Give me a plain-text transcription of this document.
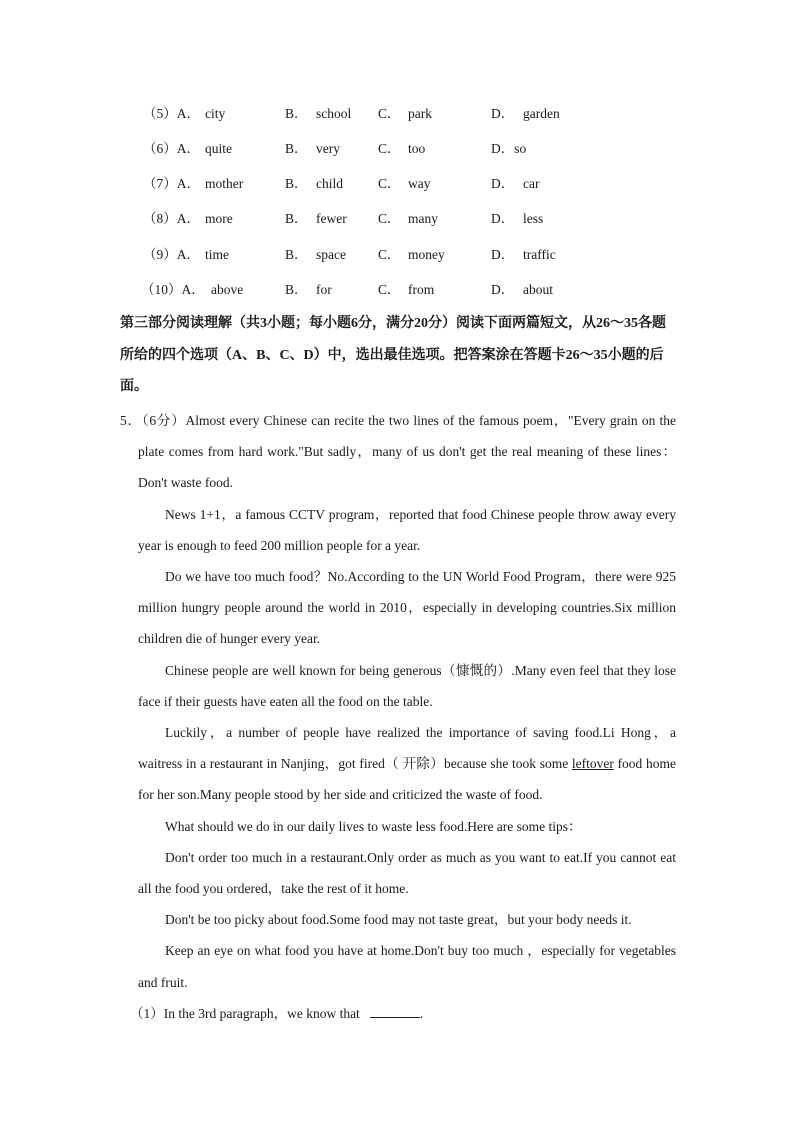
（5）A． city	B． school C． park	D． garden
（6）A． quite	B． very	C． too	D．so
（7）A． mother	B． child	C． way	D． car
（8）A． more	B． fewer C． many	D． less
（9）A． time	B． space C． money	D． traffic
（10）A． above	B． for	C． from	D． about
第三部分阅读理解（共3小题；每小题6分，满分20分）阅读下面两篇短文，从26～35各题所给的四个选项（A、B、C、D）中，选出最佳选项。把答案涂在答题卡26～35小题的后面。

5．（6分）Almost every Chinese can recite the two lines of the famous poem，"Every grain on the plate comes from hard work."But sadly，many of us don't get the real meaning of these lines：Don't waste food.

News 1+1，a famous CCTV program，reported that food Chinese people throw away every year is enough to feed 200 million people for a year.

Do we have too much food？No.According to the UN World Food Program，there were 925 million hungry people around the world in 2010，especially in developing countries.Six million children die of hunger every year.

Chinese people are well known for being generous（慷慨的）.Many even feel that they lose face if their guests have eaten all the food on the table.

Luckily，a number of people have realized the importance of saving food.Li Hong，a waitress in a restaurant in Nanjing，got fired（ 开除）because she took some leftover food home for her son.Many people stood by her side and criticized the waste of food.

What should we do in our daily lives to waste less food.Here are some tips：

Don't order too much in a restaurant.Only order as much as you want to eat.If you cannot eat all the food you ordered，take the rest of it home.

Don't be too picky about food.Some food may not taste great，but your body needs it.

Keep an eye on what food you have at home.Don't buy too much ，especially for vegetables and fruit.

（1）In the 3rd paragraph，we know that	.
